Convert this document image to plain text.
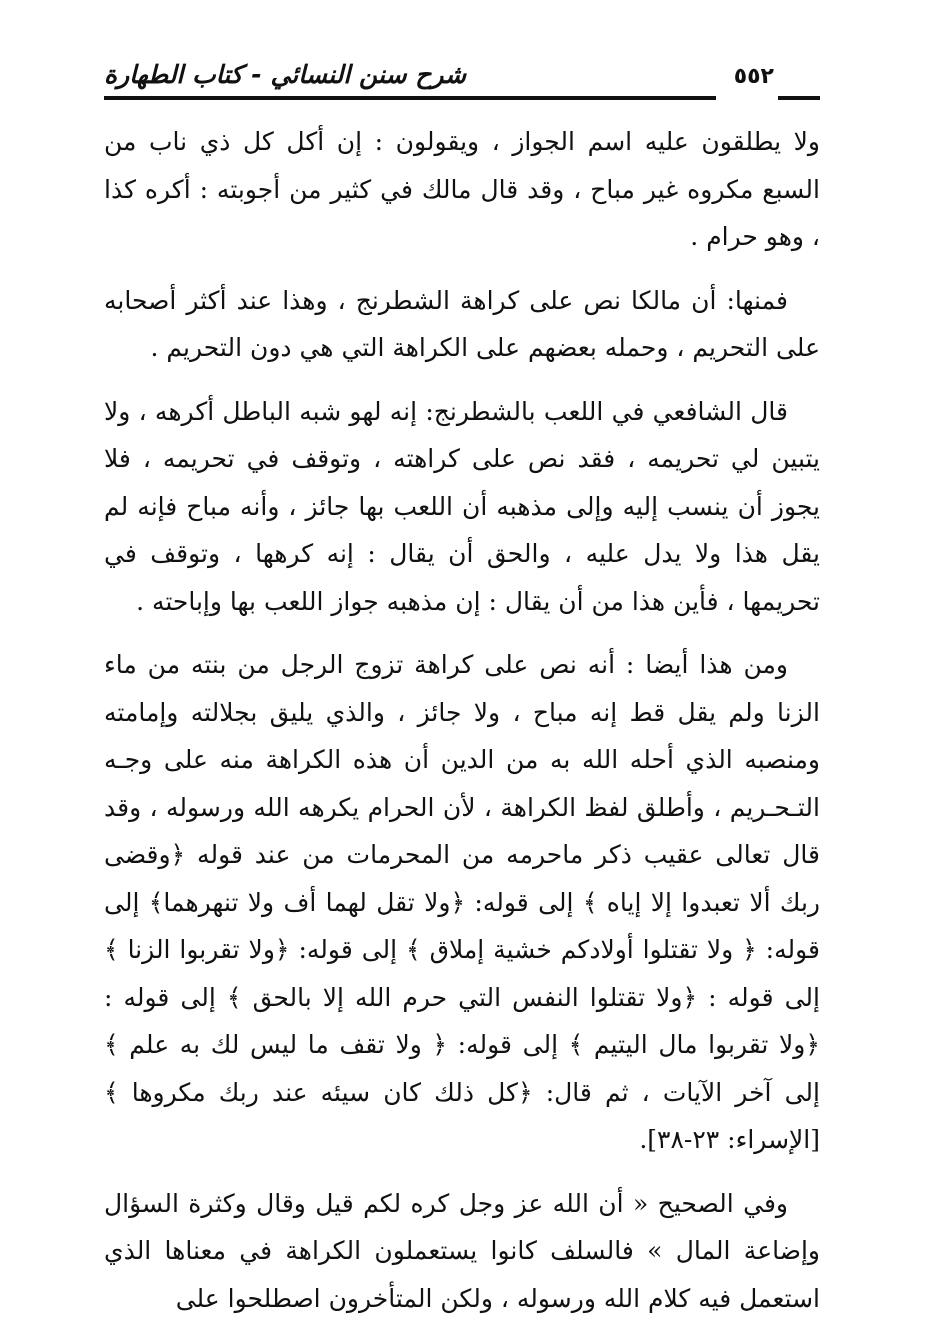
شرح سنن النسائي - كتاب الطهارة	٥٥٢

ولا يطلقون عليه اسم الجواز ، ويقولون : إن أكل كل ذي ناب من السبع مكروه غير مباح ، وقد قال مالك في كثير من أجوبته : أكره كذا ، وهو حرام .

فمنها: أن مالكا نص على كراهة الشطرنج ، وهذا عند أكثر أصحابه على التحريم ، وحمله بعضهم على الكراهة التي هي دون التحريم .

قال الشافعي في اللعب بالشطرنج: إنه لهو شبه الباطل أكرهه ، ولا يتبين لي تحريمه ، فقد نص على كراهته ، وتوقف في تحريمه ، فلا يجوز أن ينسب إليه وإلى مذهبه أن اللعب بها جائز ، وأنه مباح فإنه لم يقل هذا ولا يدل عليه ، والحق أن يقال : إنه كرهها ، وتوقف في تحريمها ، فأين هذا من أن يقال : إن مذهبه جواز اللعب بها وإباحته .

ومن هذا أيضا : أنه نص على كراهة تزوج الرجل من بنته من ماء الزنا ولم يقل قط إنه مباح ، ولا جائز ، والذي يليق بجلالته وإمامته ومنصبه الذي أحله الله به من الدين أن هذه الكراهة منه على وجـه التـحـريم ، وأطلق لفظ الكراهة ، لأن الحرام يكرهه الله ورسوله ، وقد قال تعالى عقيب ذكر ماحرمه من المحرمات من عند قوله ﴿وقضى ربك ألا تعبدوا إلا إياه ﴾ إلى قوله: ﴿ولا تقل لهما أف ولا تنهرهما﴾ إلى قوله: ﴿ ولا تقتلوا أولادكم خشية إملاق ﴾ إلى قوله: ﴿ولا تقربوا الزنا ﴾ إلى قوله : ﴿ولا تقتلوا النفس التي حرم الله إلا بالحق ﴾ إلى قوله : ﴿ولا تقربوا مال اليتيم ﴾ إلى قوله: ﴿ ولا تقف ما ليس لك به علم ﴾ إلى آخر الآيات ، ثم قال: ﴿كل ذلك كان سيئه عند ربك مكروها ﴾ [الإسراء: ٢٣-٣٨].

وفي الصحيح « أن الله عز وجل كره لكم قيل وقال وكثرة السؤال وإضاعة المال » فالسلف كانوا يستعملون الكراهة في معناها الذي استعمل فيه كلام الله ورسوله ، ولكن المتأخرون اصطلحوا على
